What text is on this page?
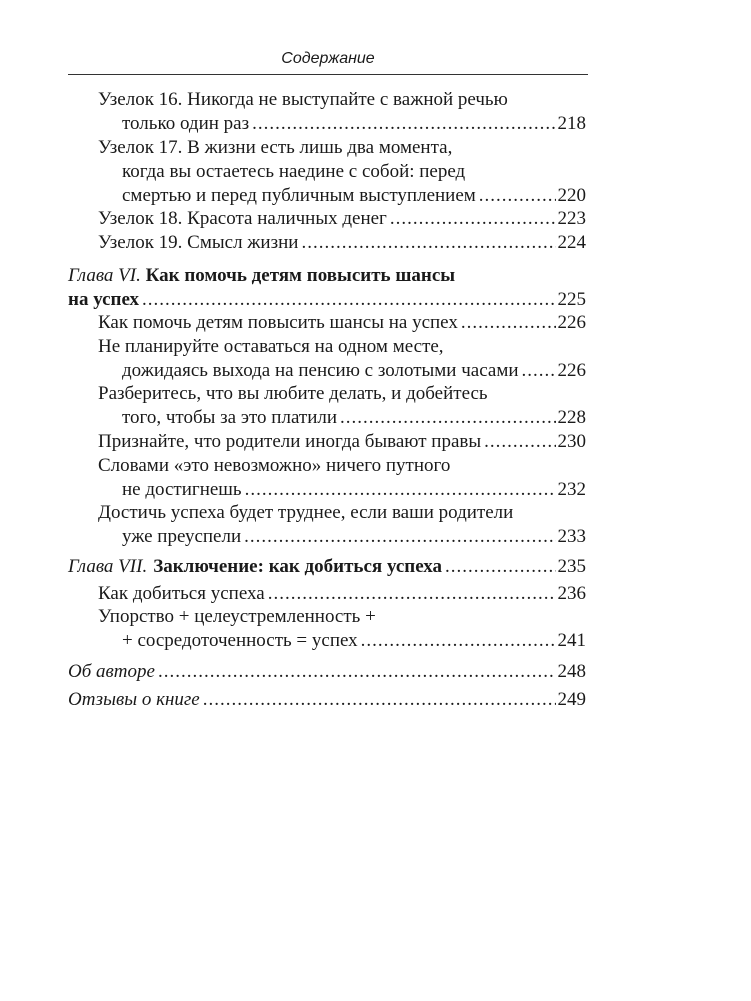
Содержание
Узелок 16. Никогда не выступайте с важной речью
только один раз .....	218
Узелок 17. В жизни есть лишь два момента,
когда вы остаетесь наедине с собой: перед
смертью и перед публичным выступлением .....	220
Узелок 18. Красота наличных денег .....	223
Узелок 19. Смысл жизни .....	224
Глава VI. Как помочь детям повысить шансы
на успех .....	225
Как помочь детям повысить шансы на успех .....	226
Не планируйте оставаться на одном месте,
дожидаясь выхода на пенсию с золотыми часами ..... 226
Разберитесь, что вы любите делать, и добейтесь
того, чтобы за это платили .....	228
Признайте, что родители иногда бывают правы .....	230
Словами «это невозможно» ничего путного
не достигнешь .....	232
Достичь успеха будет труднее, если ваши родители
уже преуспели .....	233
Глава VII. Заключение: как добиться успеха .....	235
Как добиться успеха .....	236
Упорство + целеустремленность +
+ сосредоточенность = успех .....	241
Об авторе .....	248
Отзывы о книге .....	249
